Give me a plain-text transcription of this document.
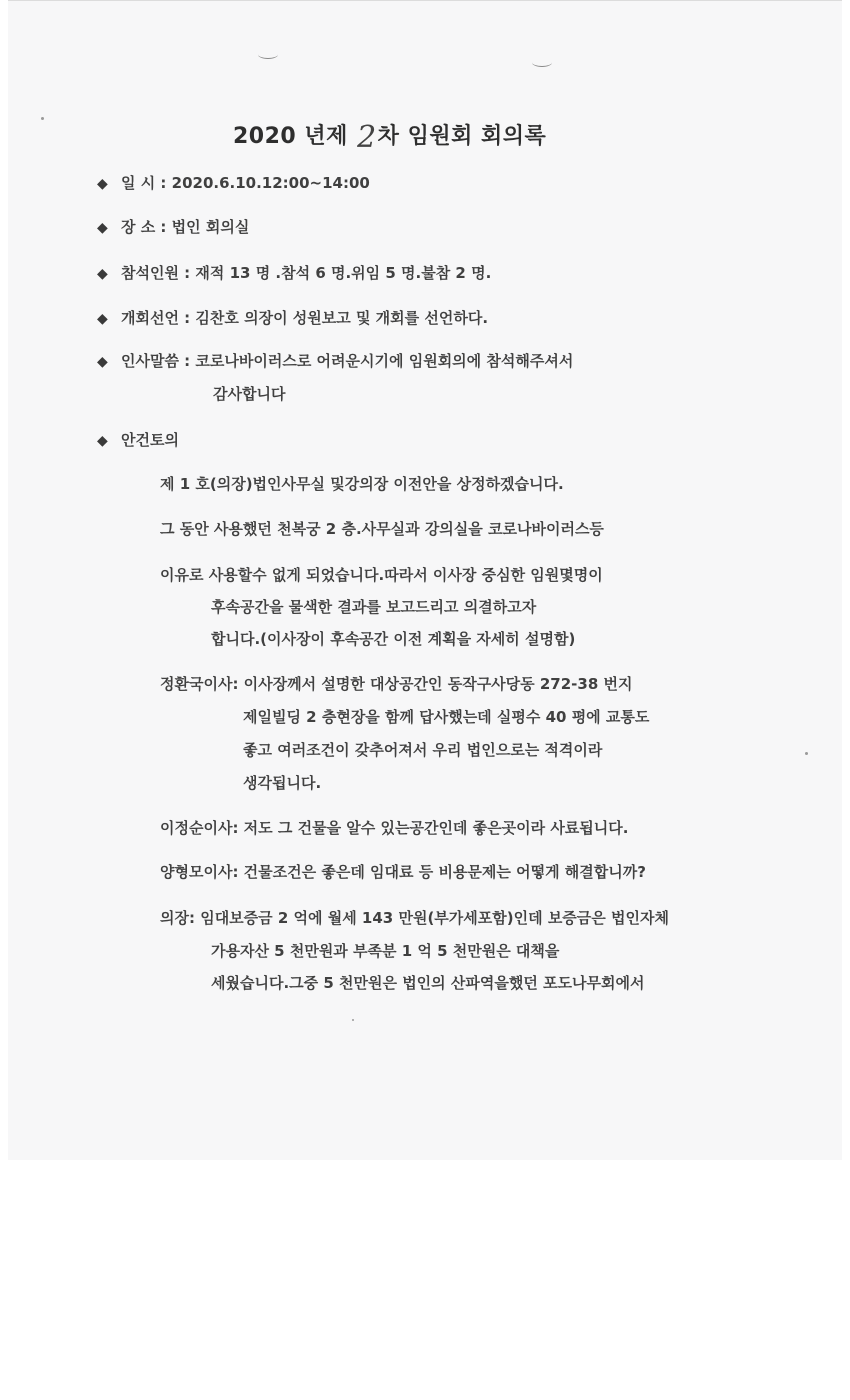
2020 년제 2차 임원회 회의록
◆ 일 시 : 2020.6.10.12:00~14:00
◆ 장 소 : 법인 회의실
◆ 참석인원 : 재적 13 명 .참석 6 명.위임 5 명.불참 2 명.
◆ 개회선언 : 김찬호 의장이 성원보고 및 개회를 선언하다.
◆ 인사말씀 : 코로나바이러스로 어려운시기에 임원회의에 참석해주셔서
감사합니다
◆ 안건토의
제 1 호(의장)법인사무실 및강의장 이전안을 상정하겠습니다.
그 동안 사용했던 천복궁 2 층.사무실과 강의실을 코로나바이러스등
이유로 사용할수 없게 되었습니다.따라서 이사장 중심한 임원몇명이
후속공간을 물색한 결과를 보고드리고 의결하고자
합니다.(이사장이 후속공간 이전 계획을 자세히 설명함)
정환국이사: 이사장께서 설명한 대상공간인 동작구사당동 272-38 번지
제일빌딩 2 층현장을 함께 답사했는데 실평수 40 평에 교통도
좋고 여러조건이 갖추어져서 우리 법인으로는 적격이라
생각됩니다.
이정순이사: 저도 그 건물을 알수 있는공간인데 좋은곳이라 사료됩니다.
양형모이사: 건물조건은 좋은데 임대료 등 비용문제는 어떻게 해결합니까?
의장: 임대보증금 2 억에 월세 143 만원(부가세포함)인데 보증금은 법인자체
가용자산 5 천만원과 부족분 1 억 5 천만원은 대책을
세웠습니다.그중 5 천만원은 법인의 산파역을했던 포도나무회에서
